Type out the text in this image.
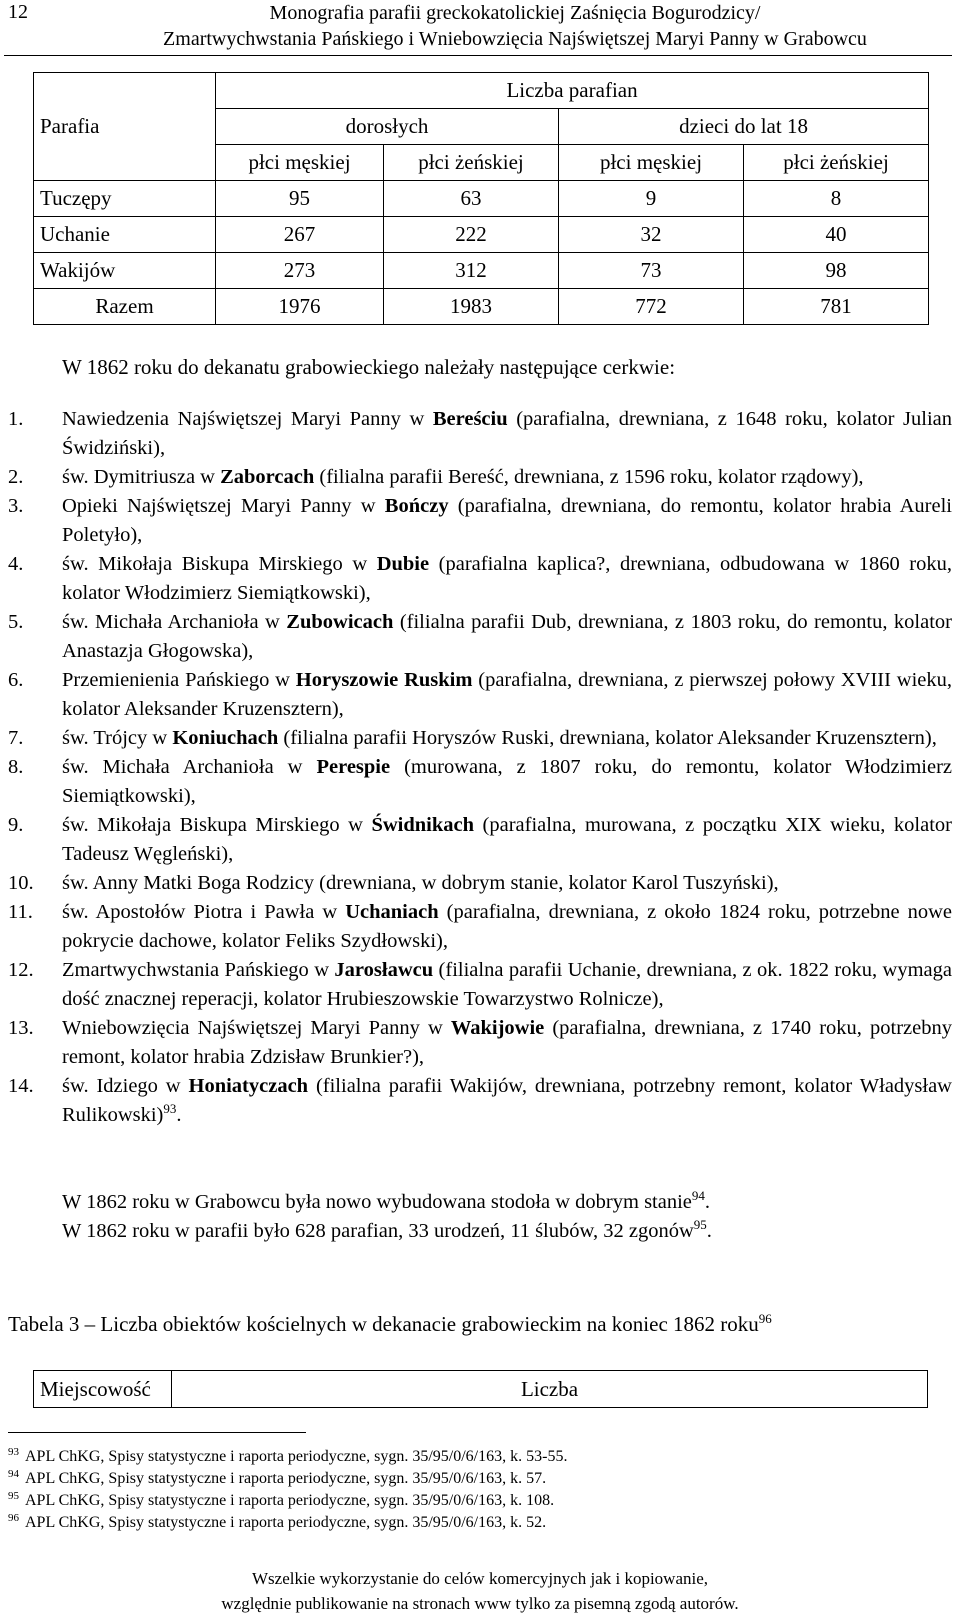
12	Monografia parafii greckokatolickiej Zaśnięcia Bogurodzicy/
Zmartwychwstania Pańskiego i Wniebowzięcia Najświętszej Maryi Panny w Grabowcu
	Liczba parafian			
Parafia	dorosłych		dzieci do lat 18	
	płci męskiej	płci żeńskiej	płci męskiej	płci żeńskiej
Tuczępy	95	63	9	8
Uchanie	267	222	32	40
Wakijów	273	312	73	98
Razem	1976	1983	772	781
W 1862 roku do dekanatu grabowieckiego należały następujące cerkwie:
1. Nawiedzenia Najświętszej Maryi Panny w Bereściu (parafialna, drewniana, z 1648 roku, kolator Julian Świdziński),
2. św. Dymitriusza w Zaborcach (filialna parafii Bereść, drewniana, z 1596 roku, kolator rządowy),
3. Opieki Najświętszej Maryi Panny w Bończy (parafialna, drewniana, do remontu, kolator hrabia Aureli Poletyło),
4. św. Mikołaja Biskupa Mirskiego w Dubie (parafialna kaplica?, drewniana, odbudowana w 1860 roku, kolator Włodzimierz Siemiątkowski),
5. św. Michała Archanioła w Zubowicach (filialna parafii Dub, drewniana, z 1803 roku, do remontu, kolator Anastazja Głogowska),
6. Przemienienia Pańskiego w Horyszowie Ruskim (parafialna, drewniana, z pierwszej połowy XVIII wieku, kolator Aleksander Kruzensztern),
7. św. Trójcy w Koniuchach (filialna parafii Horyszów Ruski, drewniana, kolator Aleksander Kruzensztern),
8. św. Michała Archanioła w Perespie (murowana, z 1807 roku, do remontu, kolator Włodzimierz Siemiątkowski),
9. św. Mikołaja Biskupa Mirskiego w Świdnikach (parafialna, murowana, z początku XIX wieku, kolator Tadeusz Węgleński),
10. św. Anny Matki Boga Rodzicy (drewniana, w dobrym stanie, kolator Karol Tuszyński),
11. św. Apostołów Piotra i Pawła w Uchaniach (parafialna, drewniana, z około 1824 roku, potrzebne nowe pokrycie dachowe, kolator Feliks Szydłowski),
12. Zmartwychwstania Pańskiego w Jarosławcu (filialna parafii Uchanie, drewniana, z ok. 1822 roku, wymaga dość znacznej reperacji, kolator Hrubieszowskie Towarzystwo Rolnicze),
13. Wniebowzięcia Najświętszej Maryi Panny w Wakijowie (parafialna, drewniana, z 1740 roku, potrzebny remont, kolator hrabia Zdzisław Brunkier?),
14. św. Idziego w Honiatyczach (filialna parafii Wakijów, drewniana, potrzebny remont, kolator Władysław Rulikowski)$^{93}$.
W 1862 roku w Grabowcu była nowo wybudowana stodoła w dobrym stanie$^{94}$.
W 1862 roku w parafii było 628 parafian, 33 urodzeń, 11 ślubów, 32 zgonów$^{95}$.
Tabela 3 – Liczba obiektów kościelnych w dekanacie grabowieckim na koniec 1862 roku$^{96}$
Miejscowość	Liczba
$^{93}$ APL ChKG, Spisy statystyczne i raporta periodyczne, sygn. 35/95/0/6/163, k. 53-55.
$^{94}$ APL ChKG, Spisy statystyczne i raporta periodyczne, sygn. 35/95/0/6/163, k. 57.
$^{95}$ APL ChKG, Spisy statystyczne i raporta periodyczne, sygn. 35/95/0/6/163, k. 108.
$^{96}$ APL ChKG, Spisy statystyczne i raporta periodyczne, sygn. 35/95/0/6/163, k. 52.
Wszelkie wykorzystanie do celów komercyjnych jak i kopiowanie,
względnie publikowanie na stronach www tylko za pisemną zgodą autorów.
